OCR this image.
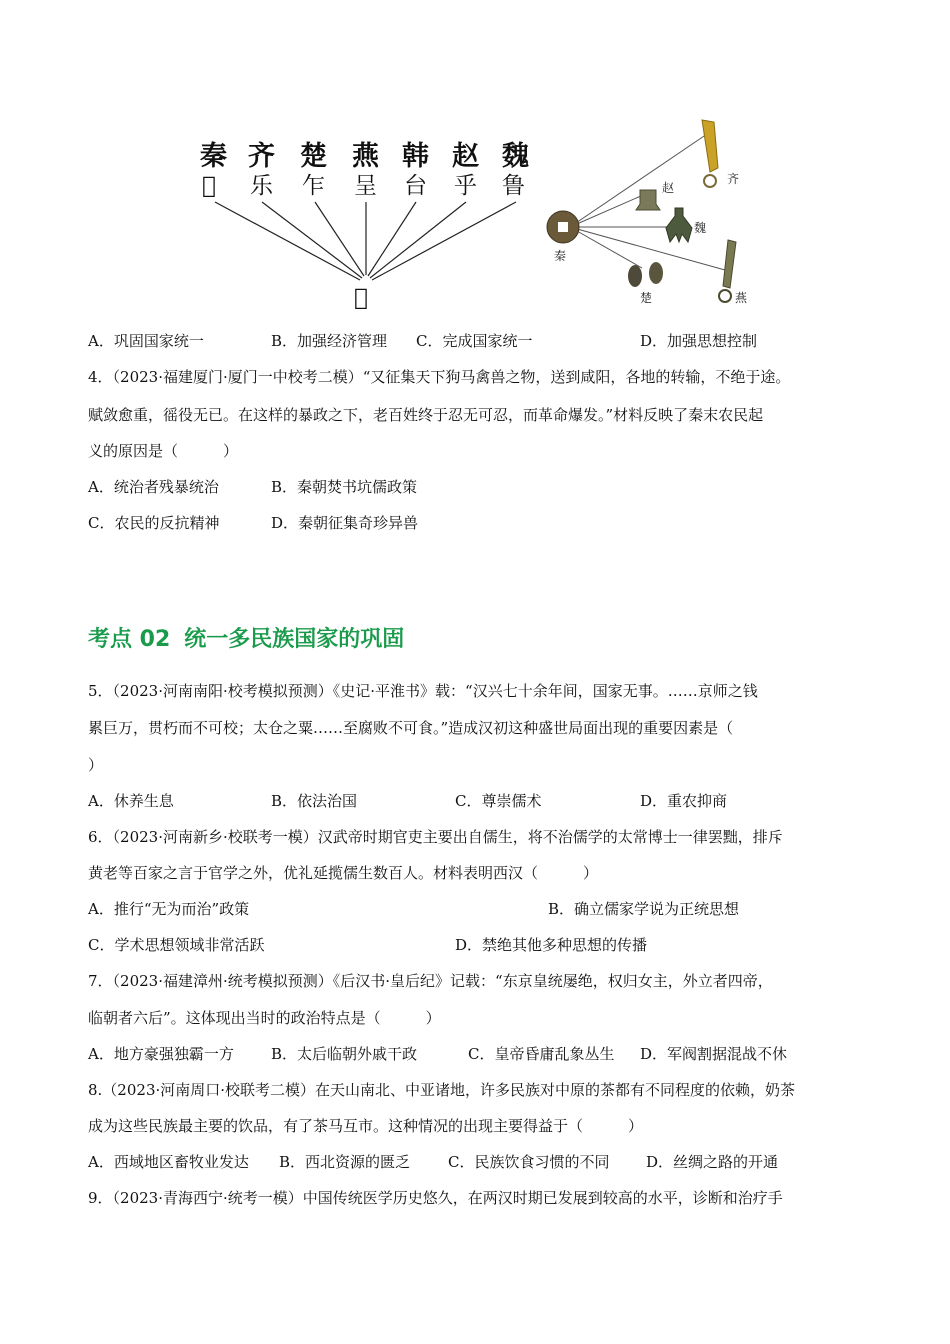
秦 齐 楚 燕 韩 赵 魏
𡘯 乐 乍 呈 台 乎 鲁
𡘯
秦
齐
赵
魏
楚	燕
A．巩固国家统一	B．加强经济管理 C．完成国家统一	D．加强思想控制
4．（2023·福建厦门·厦门一中校考二模）“又征集天下狗马禽兽之物，送到咸阳，各地的转输，不绝于途。
赋敛愈重，徭役无已。在这样的暴政之下，老百姓终于忍无可忍，而革命爆发。”材料反映了秦末农民起
义的原因是（　　　）
A．统治者残暴统治	B．秦朝焚书坑儒政策
C．农民的反抗精神	D．秦朝征集奇珍异兽
考点 02 统一多民族国家的巩固
5．（2023·河南南阳·校考模拟预测）《史记·平淮书》载：“汉兴七十余年间，国家无事。……京师之钱
累巨万，贯朽而不可校；太仓之粟……至腐败不可食。”造成汉初这种盛世局面出现的重要因素是（
）
A．休养生息	B．依法治国	C．尊崇儒术	D．重农抑商
6．（2023·河南新乡·校联考一模）汉武帝时期官吏主要出自儒生，将不治儒学的太常博士一律罢黜，排斥
黄老等百家之言于官学之外，优礼延揽儒生数百人。材料表明西汉（　　　）
A．推行“无为而治”政策	B．确立儒家学说为正统思想
C．学术思想领域非常活跃	D．禁绝其他多种思想的传播
7．（2023·福建漳州·统考模拟预测）《后汉书·皇后纪》记载：“东京皇统屡绝，权归女主，外立者四帝，
临朝者六后”。这体现出当时的政治特点是（　　　）
A．地方豪强独霸一方 B．太后临朝外戚干政	C．皇帝昏庸乱象丛生 D．军阀割据混战不休
8.（2023·河南周口·校联考二模）在天山南北、中亚诸地，许多民族对中原的茶都有不同程度的依赖，奶茶
成为这些民族最主要的饮品，有了茶马互市。这种情况的出现主要得益于（　　　）
A．西域地区畜牧业发达 B．西北资源的匮乏	C．民族饮食习惯的不同 D．丝绸之路的开通
9．（2023·青海西宁·统考一模）中国传统医学历史悠久，在两汉时期已发展到较高的水平，诊断和治疗手
